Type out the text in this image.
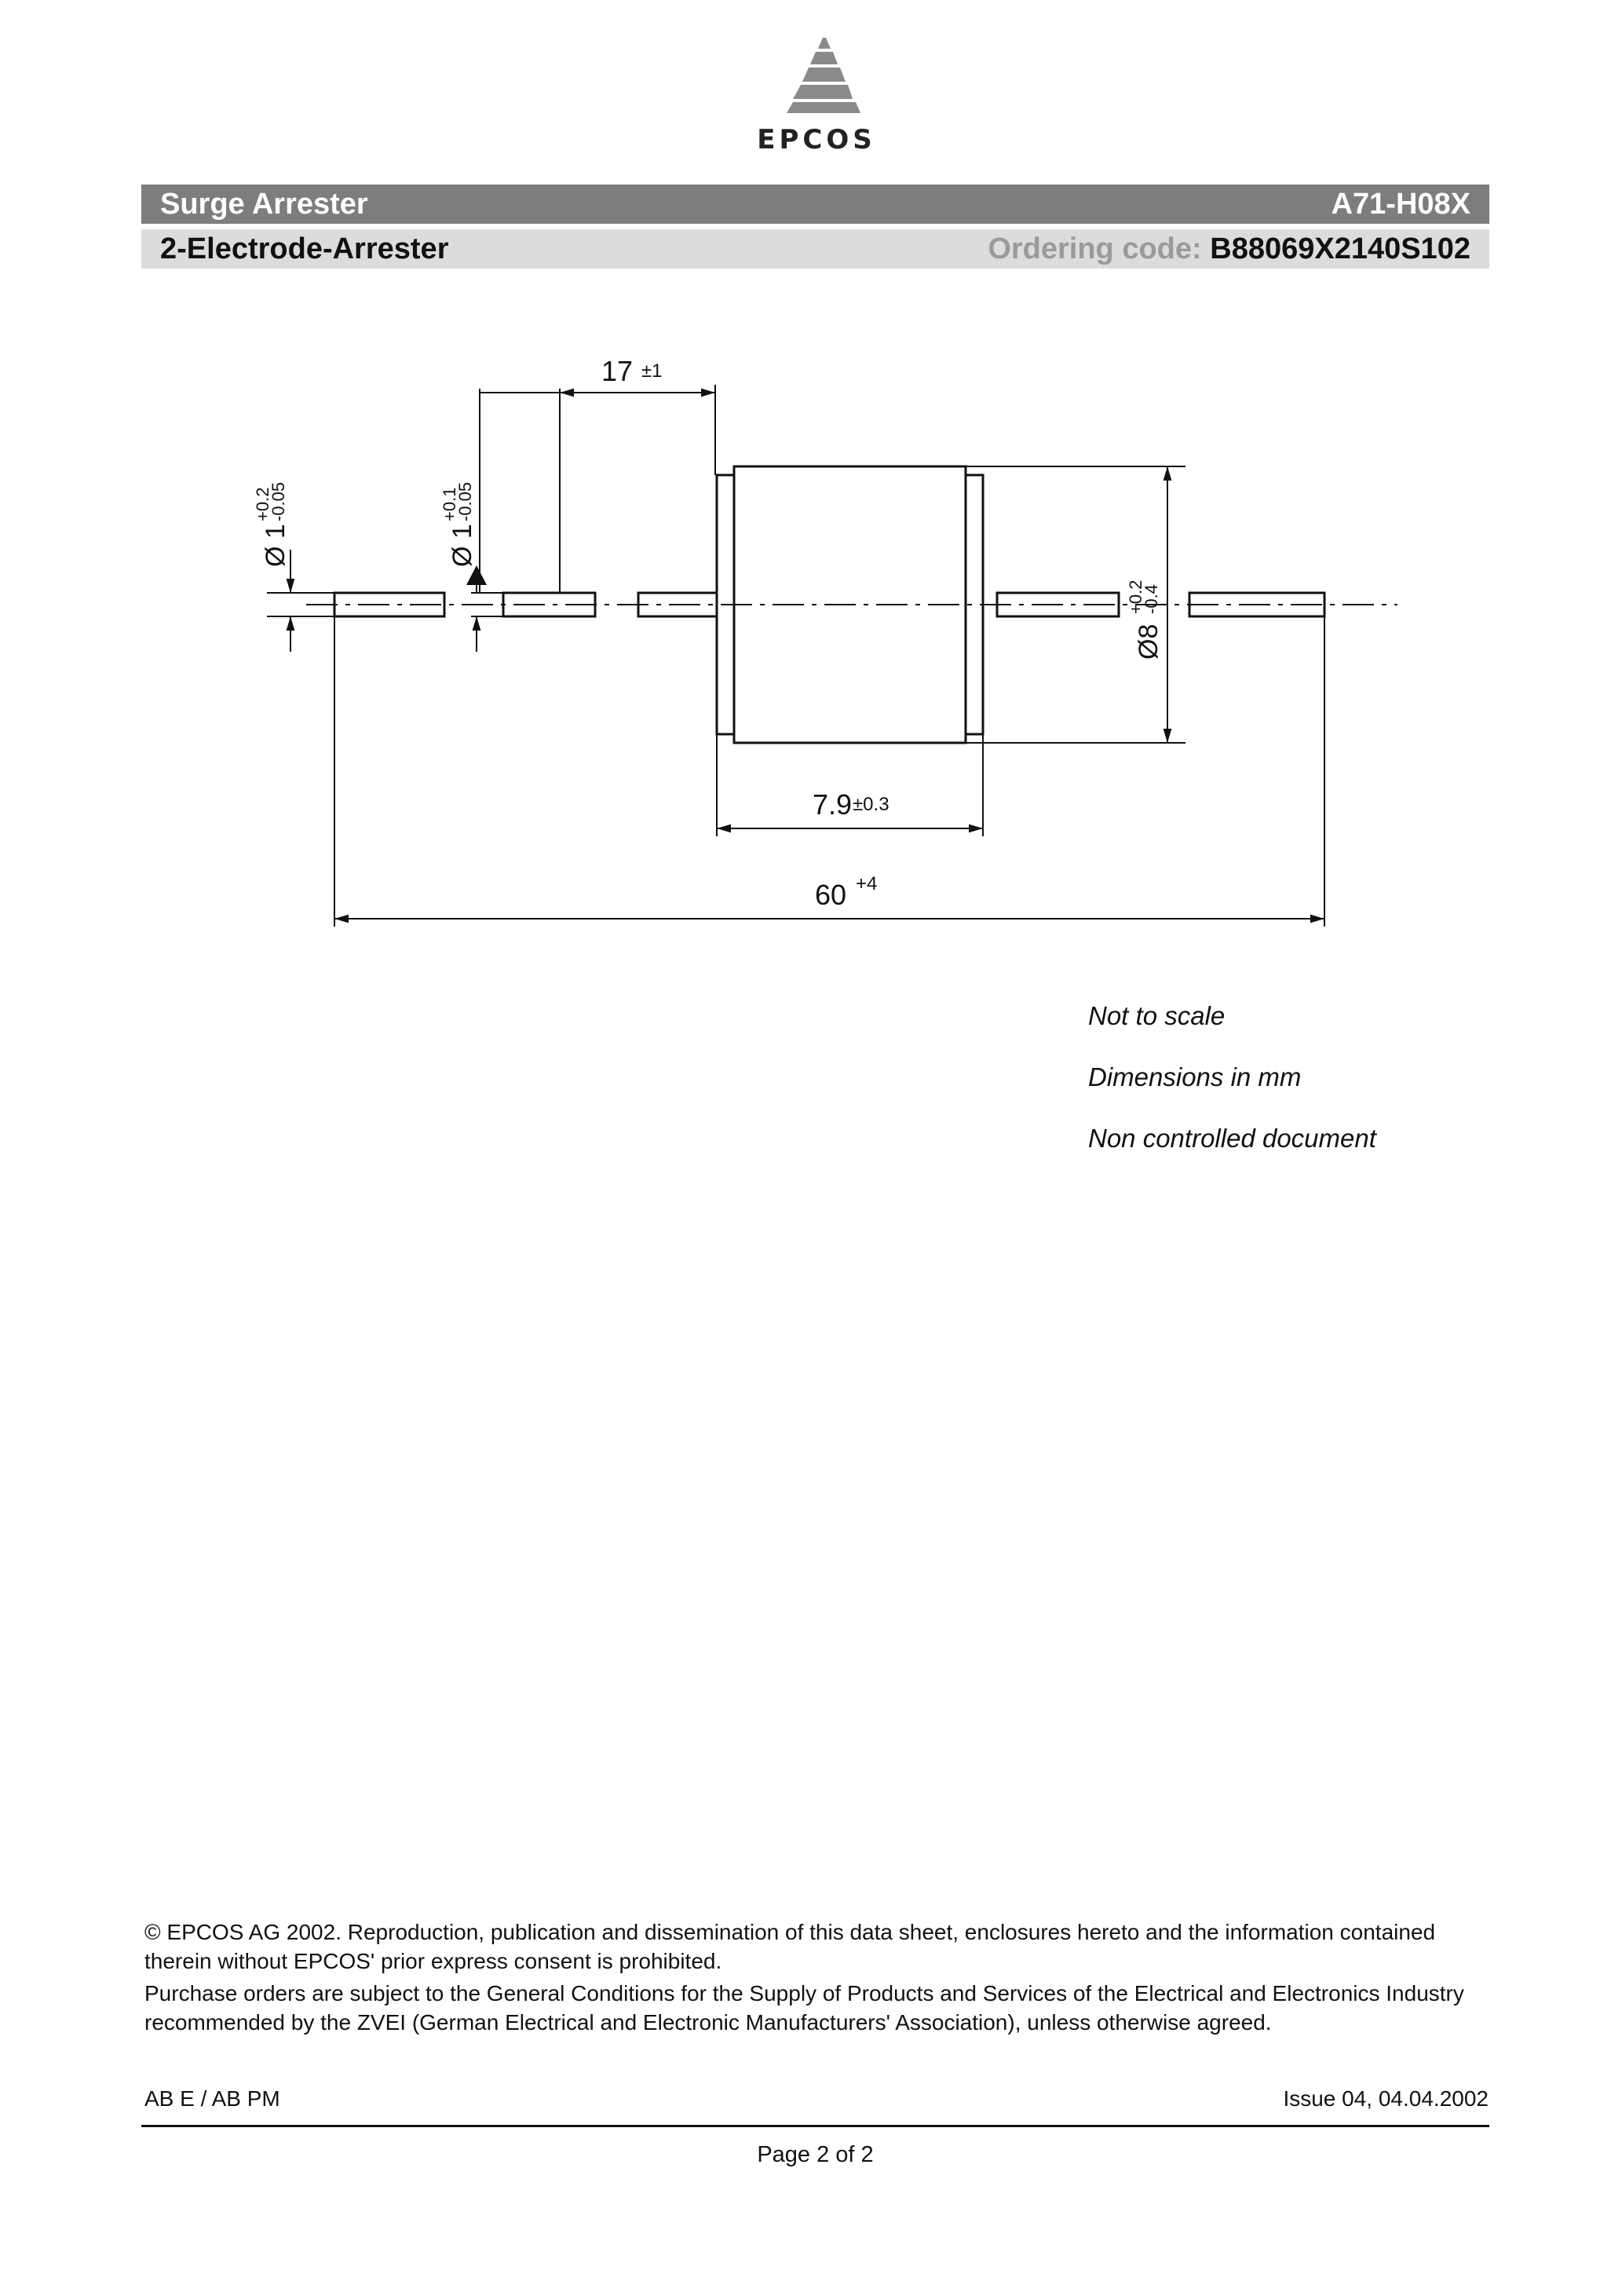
EPCOS
Surge Arrester	A71-H08X
2-Electrode-Arrester	Ordering code: B88069X2140S102
17 ±1
Ø 1
+0.2
-0.05
Ø 1
+0.1
-0.05
Ø8
+0.2
-0.4
7.9 ±0.3
60 +4
Not to scale
Dimensions in mm
Non controlled document
© EPCOS AG 2002. Reproduction, publication and dissemination of this data sheet, enclosures hereto and the information contained therein without EPCOS' prior express consent is prohibited.
Purchase orders are subject to the General Conditions for the Supply of Products and Services of the Electrical and Electronics Industry recommended by the ZVEI (German Electrical and Electronic Manufacturers' Association), unless otherwise agreed.
AB E / AB PM	Issue 04, 04.04.2002
Page 2 of 2
